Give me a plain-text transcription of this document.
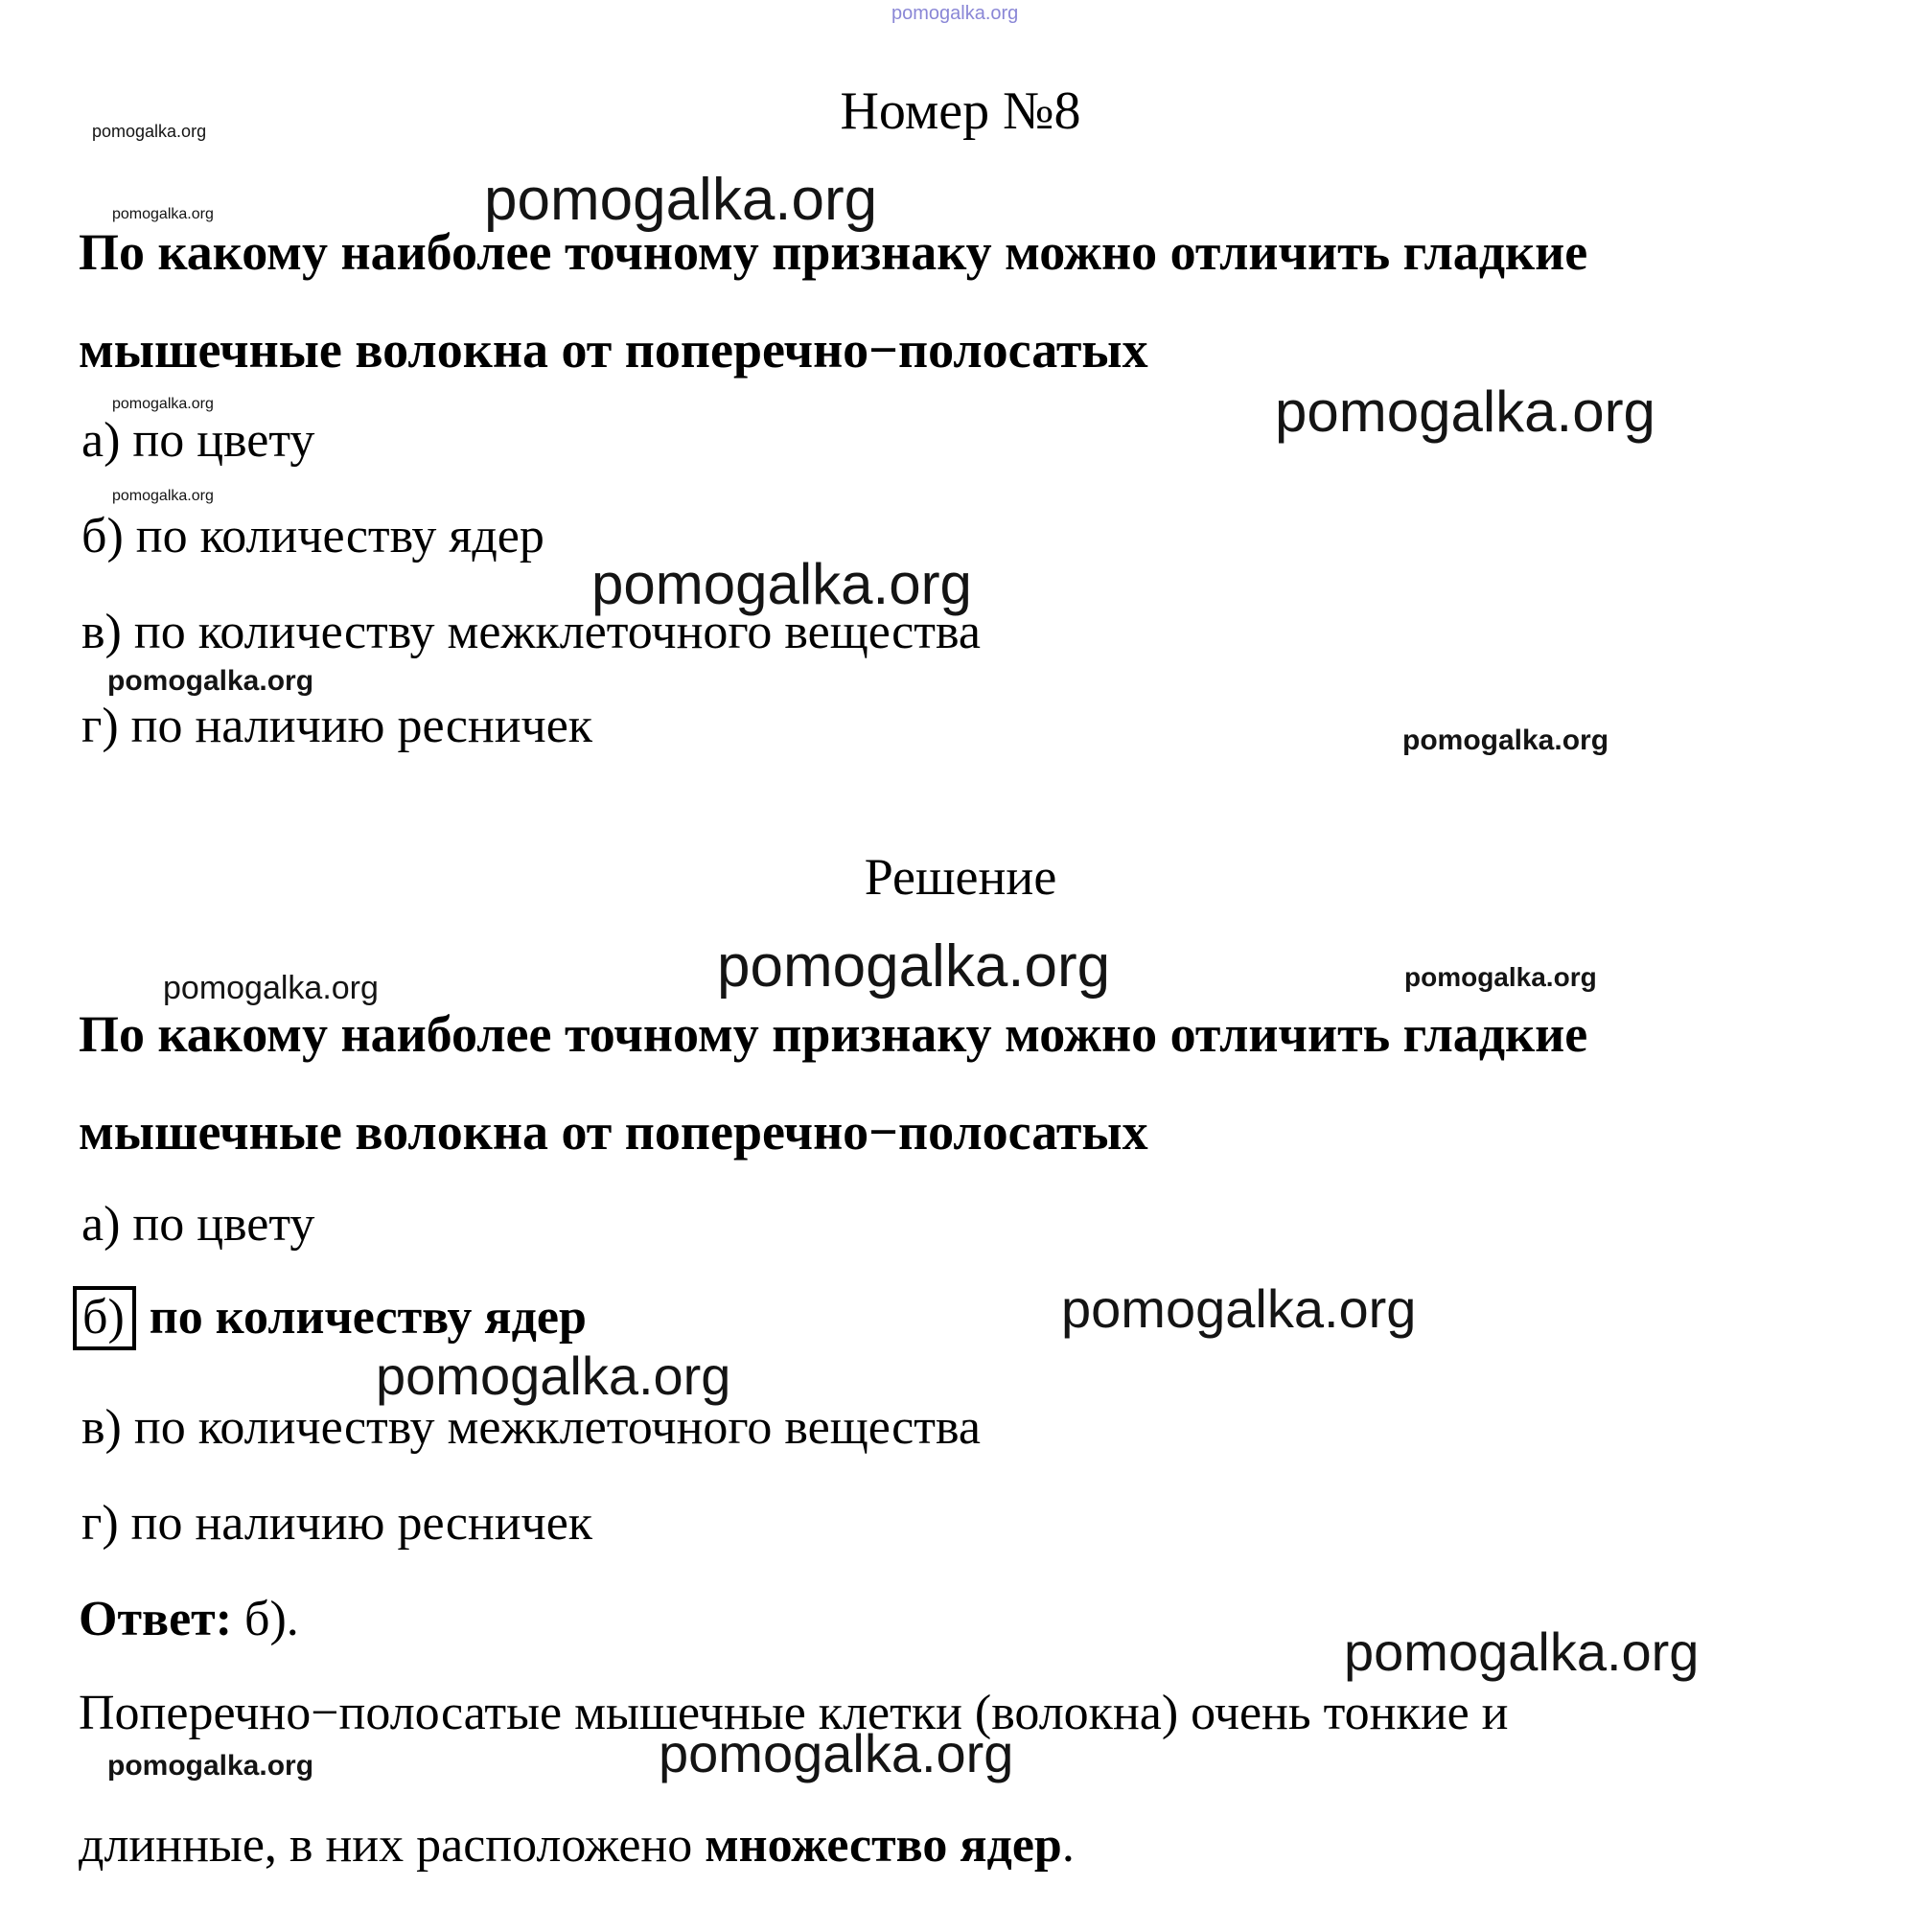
pomogalka.org
pomogalka.org
pomogalka.org
pomogalka.org
pomogalka.org	pomogalka.org
pomogalka.org
pomogalka.org
pomogalka.org
pomogalka.org
pomogalka.org	pomogalka.org
pomogalka.org
pomogalka.org
pomogalka.org
pomogalka.org
pomogalka.org
pomogalka.org
Номер №8
По какому наиболее точному признаку можно отличить гладкие
мышечные волокна от поперечно−полосатых
а) по цвету
б) по количеству ядер
в) по количеству межклеточного вещества
г) по наличию ресничек
Решение
По какому наиболее точному признаку можно отличить гладкие
мышечные волокна от поперечно−полосатых
а) по цвету
б) по количеству ядер
в) по количеству межклеточного вещества
г) по наличию ресничек
Ответ: б).
Поперечно−полосатые мышечные клетки (волокна) очень тонкие и
длинные, в них расположено множество ядер.
